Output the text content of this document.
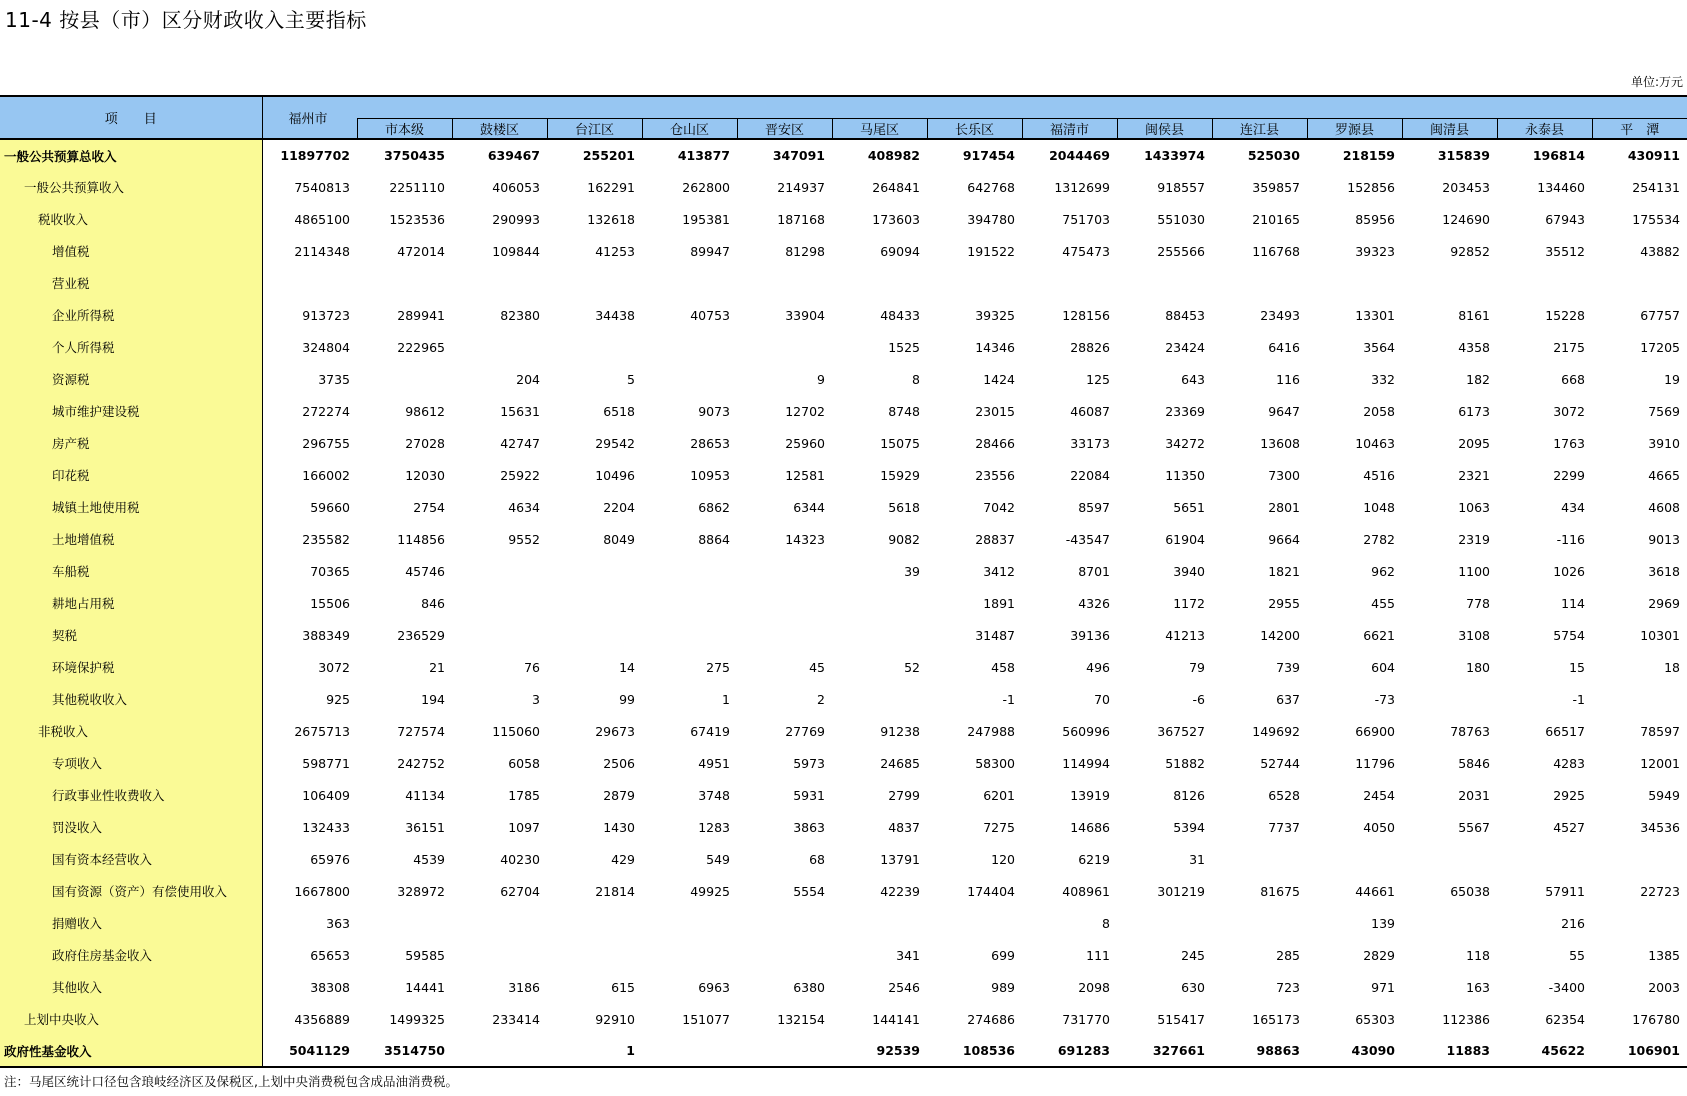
11-4 按县（市）区分财政收入主要指标
单位:万元
项　　目	福州市														
		市本级	鼓楼区	台江区	仓山区	晋安区	马尾区	长乐区	福清市	闽侯县	连江县	罗源县	闽清县	永泰县	平　潭
一般公共预算总收入	11897702	3750435	639467	255201	413877	347091	408982	917454	2044469	1433974	525030	218159	315839	196814	430911
一般公共预算收入	7540813	2251110	406053	162291	262800	214937	264841	642768	1312699	918557	359857	152856	203453	134460	254131
税收收入	4865100	1523536	290993	132618	195381	187168	173603	394780	751703	551030	210165	85956	124690	67943	175534
增值税	2114348	472014	109844	41253	89947	81298	69094	191522	475473	255566	116768	39323	92852	35512	43882
营业税															
企业所得税	913723	289941	82380	34438	40753	33904	48433	39325	128156	88453	23493	13301	8161	15228	67757
个人所得税	324804	222965					1525	14346	28826	23424	6416	3564	4358	2175	17205
资源税	3735		204	5		9	8	1424	125	643	116	332	182	668	19
城市维护建设税	272274	98612	15631	6518	9073	12702	8748	23015	46087	23369	9647	2058	6173	3072	7569
房产税	296755	27028	42747	29542	28653	25960	15075	28466	33173	34272	13608	10463	2095	1763	3910
印花税	166002	12030	25922	10496	10953	12581	15929	23556	22084	11350	7300	4516	2321	2299	4665
城镇土地使用税	59660	2754	4634	2204	6862	6344	5618	7042	8597	5651	2801	1048	1063	434	4608
土地增值税	235582	114856	9552	8049	8864	14323	9082	28837	-43547	61904	9664	2782	2319	-116	9013
车船税	70365	45746					39	3412	8701	3940	1821	962	1100	1026	3618
耕地占用税	15506	846						1891	4326	1172	2955	455	778	114	2969
契税	388349	236529						31487	39136	41213	14200	6621	3108	5754	10301
环境保护税	3072	21	76	14	275	45	52	458	496	79	739	604	180	15	18
其他税收收入	925	194	3	99	1	2		-1	70	-6	637	-73		-1	
非税收入	2675713	727574	115060	29673	67419	27769	91238	247988	560996	367527	149692	66900	78763	66517	78597
专项收入	598771	242752	6058	2506	4951	5973	24685	58300	114994	51882	52744	11796	5846	4283	12001
行政事业性收费收入	106409	41134	1785	2879	3748	5931	2799	6201	13919	8126	6528	2454	2031	2925	5949
罚没收入	132433	36151	1097	1430	1283	3863	4837	7275	14686	5394	7737	4050	5567	4527	34536
国有资本经营收入	65976	4539	40230	429	549	68	13791	120	6219	31					
国有资源（资产）有偿使用收入	1667800	328972	62704	21814	49925	5554	42239	174404	408961	301219	81675	44661	65038	57911	22723
捐赠收入	363								8			139		216	
政府住房基金收入	65653	59585					341	699	111	245	285	2829	118	55	1385
其他收入	38308	14441	3186	615	6963	6380	2546	989	2098	630	723	971	163	-3400	2003
上划中央收入	4356889	1499325	233414	92910	151077	132154	144141	274686	731770	515417	165173	65303	112386	62354	176780
政府性基金收入	5041129	3514750		1			92539	108536	691283	327661	98863	43090	11883	45622	106901
注：马尾区统计口径包含琅岐经济区及保税区,上划中央消费税包含成品油消费税。
